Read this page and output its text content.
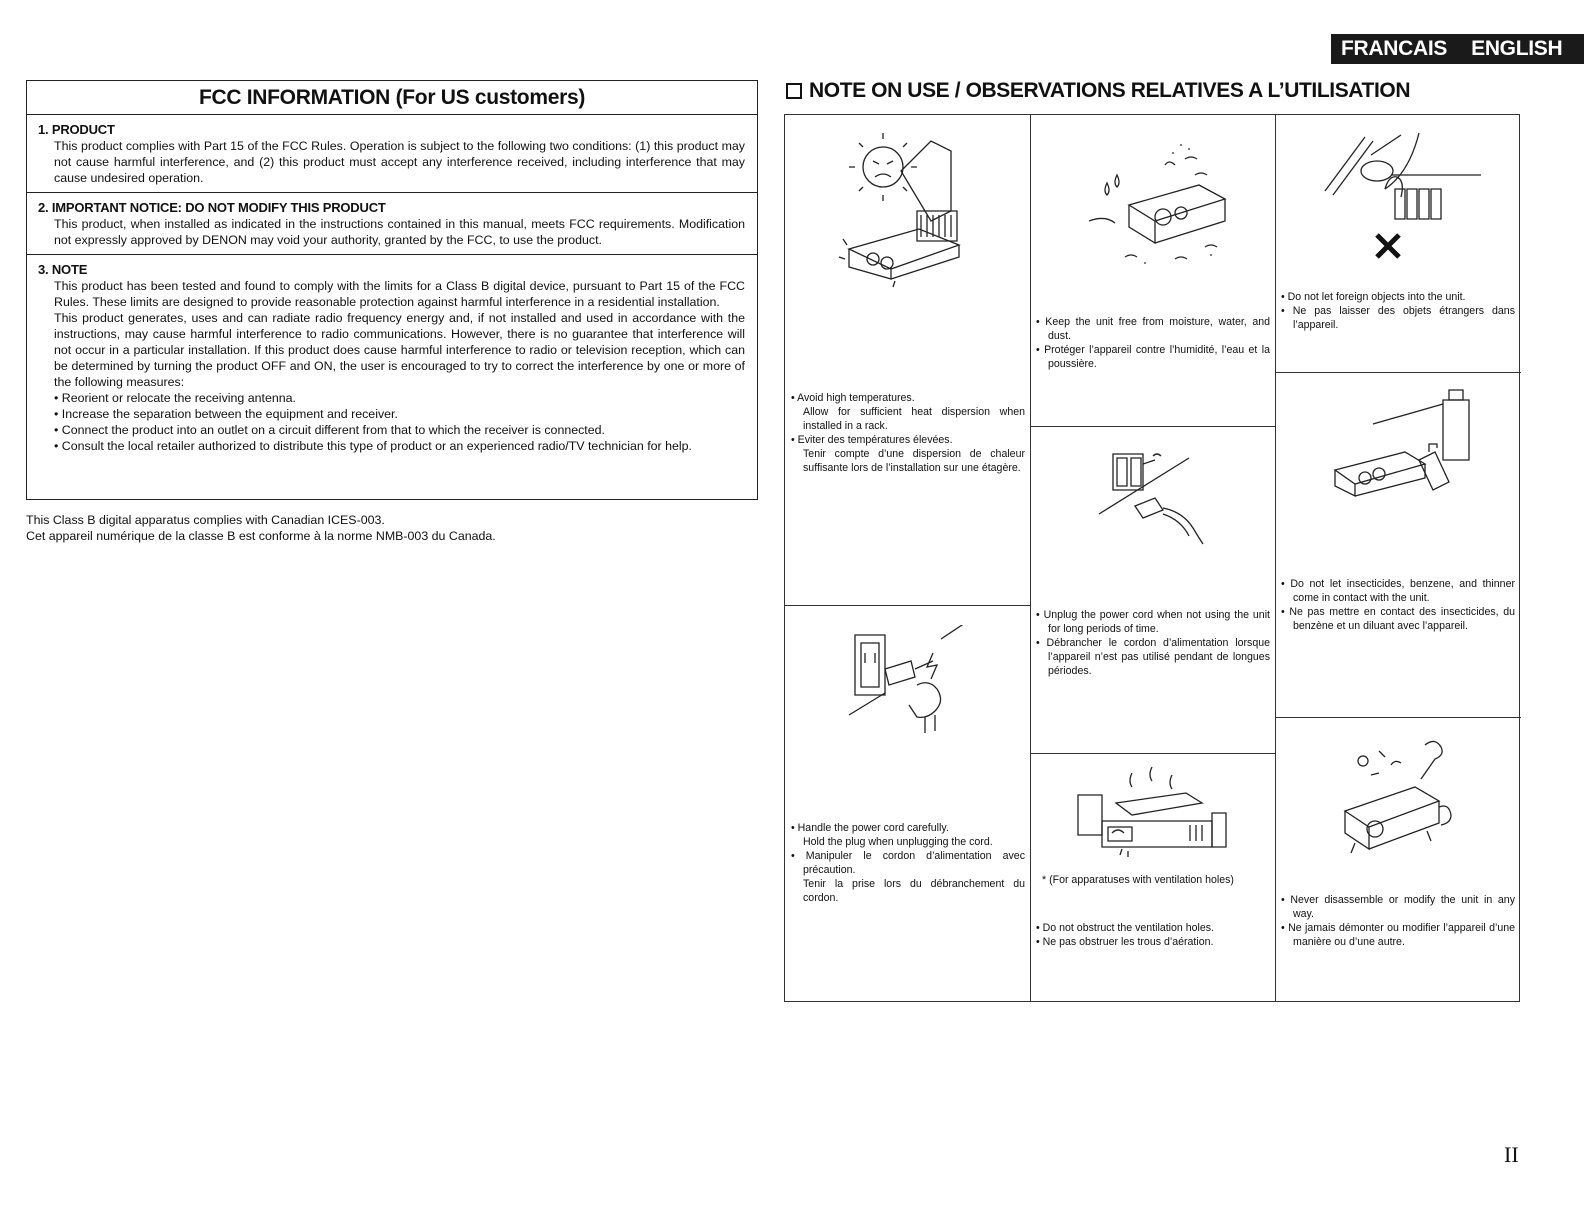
FRANCAIS ENGLISH
FCC INFORMATION (For US customers)
1. PRODUCT

This product complies with Part 15 of the FCC Rules. Operation is subject to the following two conditions: (1) this product may not cause harmful interference, and (2) this product must accept any interference received, including interference that may cause undesired operation.

2. IMPORTANT NOTICE: DO NOT MODIFY THIS PRODUCT

This product, when installed as indicated in the instructions contained in this manual, meets FCC requirements. Modification not expressly approved by DENON may void your authority, granted by the FCC, to use the product.

3. NOTE

This product has been tested and found to comply with the limits for a Class B digital device, pursuant to Part 15 of the FCC Rules. These limits are designed to provide reasonable protection against harmful interference in a residential installation.

This product generates, uses and can radiate radio frequency energy and, if not installed and used in accordance with the instructions, may cause harmful interference to radio communications. However, there is no guarantee that interference will not occur in a particular installation. If this product does cause harmful interference to radio or television reception, which can be determined by turning the product OFF and ON, the user is encouraged to try to correct the interference by one or more of the following measures:

• Reorient or relocate the receiving antenna.
• Increase the separation between the equipment and receiver.
• Connect the product into an outlet on a circuit different from that to which the receiver is connected.
• Consult the local retailer authorized to distribute this type of product or an experienced radio/TV technician for help.
This Class B digital apparatus complies with Canadian ICES-003.
Cet appareil numérique de la classe B est conforme à la norme NMB-003 du Canada.
NOTE ON USE / OBSERVATIONS RELATIVES A L’UTILISATION
• Avoid high temperatures.
Allow for sufficient heat dispersion when installed in a rack.
• Eviter des températures élevées.
Tenir compte d’une dispersion de chaleur suffisante lors de l’installation sur une étagère.
• Handle the power cord carefully.
Hold the plug when unplugging the cord.
• Manipuler le cordon d’alimentation avec précaution.
Tenir la prise lors du débranchement du cordon.
• Keep the unit free from moisture, water, and dust.
• Protéger l’appareil contre l’humidité, l’eau et la poussière.
• Unplug the power cord when not using the unit for long periods of time.
• Débrancher le cordon d’alimentation lorsque l’appareil n’est pas utilisé pendant de longues périodes.
* (For apparatuses with ventilation holes)
• Do not obstruct the ventilation holes.
• Ne pas obstruer les trous d’aération.
• Do not let foreign objects into the unit.
• Ne pas laisser des objets étrangers dans l’appareil.
• Do not let insecticides, benzene, and thinner come in contact with the unit.
• Ne pas mettre en contact des insecticides, du benzène et un diluant avec l’appareil.
• Never disassemble or modify the unit in any way.
• Ne jamais démonter ou modifier l’appareil d’une manière ou d’une autre.
II
